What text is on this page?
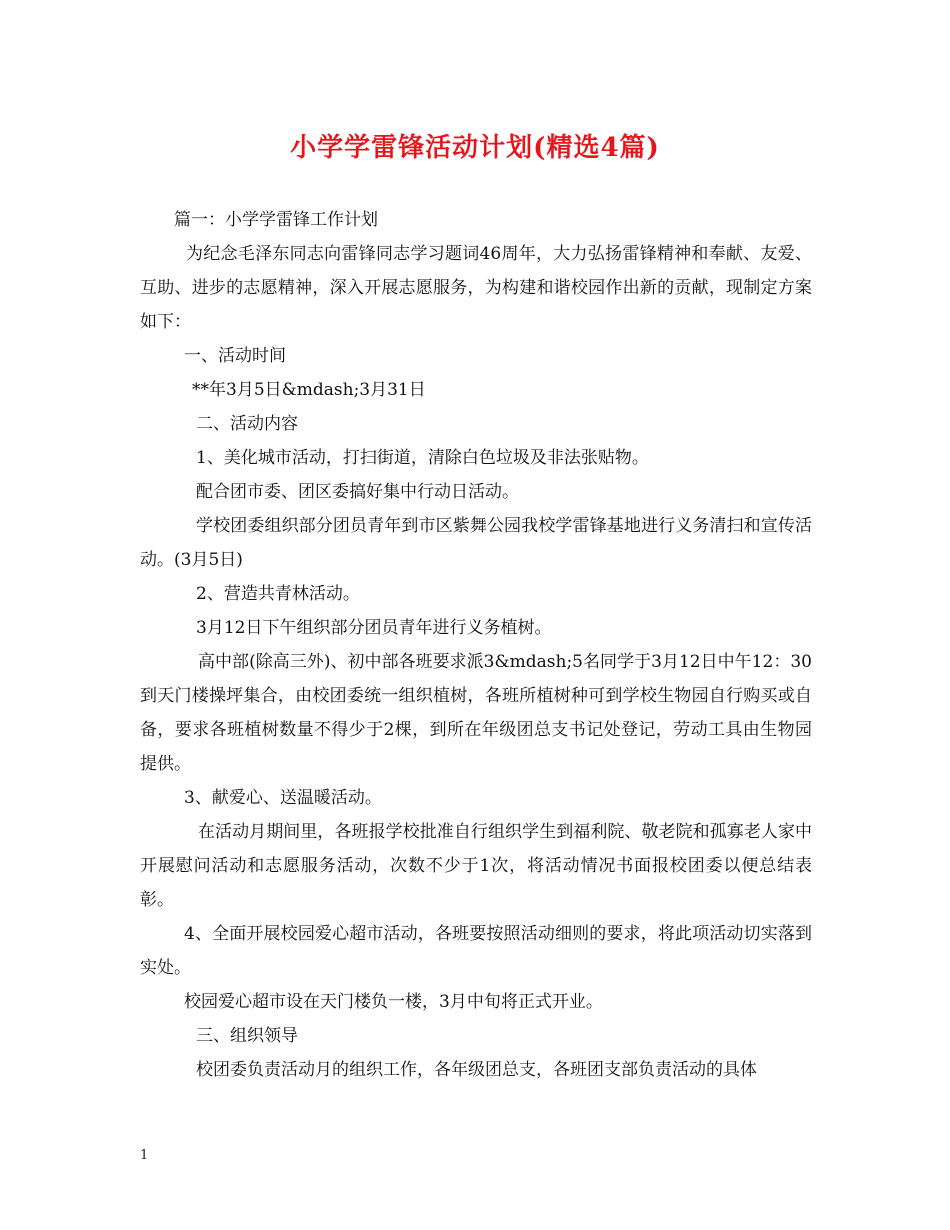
小学学雷锋活动计划(精选4篇)

篇一：小学学雷锋工作计划

为纪念毛泽东同志向雷锋同志学习题词46周年，大力弘扬雷锋精神和奉献、友爱、互助、进步的志愿精神，深入开展志愿服务，为构建和谐校园作出新的贡献，现制定方案如下：

一、活动时间

**年3月5日&mdash;3月31日

二、活动内容

1、美化城市活动，打扫街道，清除白色垃圾及非法张贴物。

配合团市委、团区委搞好集中行动日活动。

学校团委组织部分团员青年到市区紫舞公园我校学雷锋基地进行义务清扫和宣传活动。(3月5日)

2、营造共青林活动。

3月12日下午组织部分团员青年进行义务植树。

高中部(除高三外)、初中部各班要求派3&mdash;5名同学于3月12日中午12：30到天门楼操坪集合，由校团委统一组织植树，各班所植树种可到学校生物园自行购买或自备，要求各班植树数量不得少于2棵，到所在年级团总支书记处登记，劳动工具由生物园提供。

3、献爱心、送温暖活动。

在活动月期间里，各班报学校批准自行组织学生到福利院、敬老院和孤寡老人家中开展慰问活动和志愿服务活动，次数不少于1次，将活动情况书面报校团委以便总结表彰。

4、全面开展校园爱心超市活动，各班要按照活动细则的要求，将此项活动切实落到实处。

校园爱心超市设在天门楼负一楼，3月中旬将正式开业。

三、组织领导

校团委负责活动月的组织工作，各年级团总支，各班团支部负责活动的具体

1
